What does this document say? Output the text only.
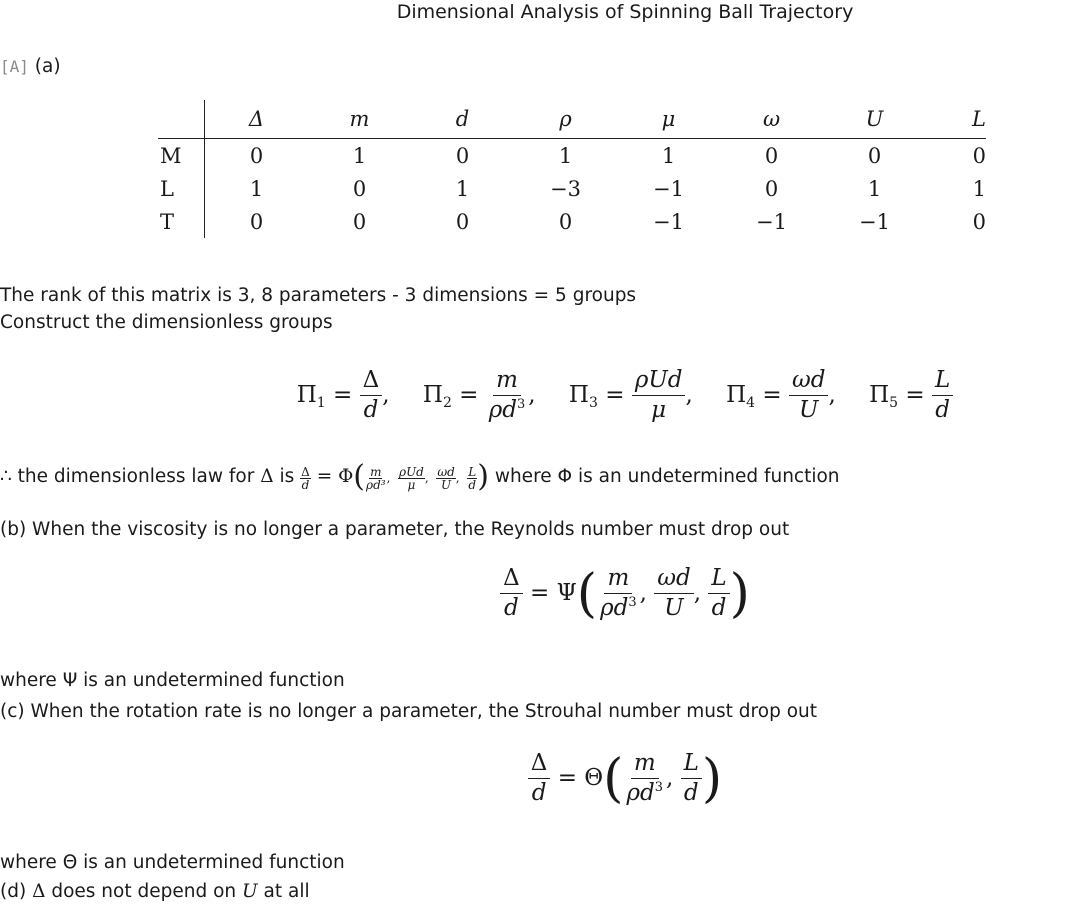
Dimensional Analysis of Spinning Ball Trajectory
[A] (a)
	Δ	m	d	ρ	μ	ω	U	L
M	0	1	0	1	1	0	0	0
L	1	0	1	−3	−1	0	1	1
T	0	0	0	0	−1	−1	−1	0
The rank of this matrix is 3, 8 parameters - 3 dimensions = 5 groups
Construct the dimensionless groups
$\Pi_1 = \frac{\Delta}{d}$ , $\Pi_2 = \frac{m}{\rho d^3}$ , $\Pi_3 = \frac{\text{ρUd}}{\mu}$ , $\Pi_4 = \frac{\omega d}{U}$ , $\Pi_5 = \frac{L}{d}$
∴ the dimensionless law for Δ is $\frac{\Delta}{d} = \Phi( \frac{m}{\text{ρd³}}$ , $\frac{\text{ρUd}}{\mu}$ , $\frac{\omega d}{U}$ , $\frac{L}{d}$ ) where Φ is an undetermined function
(b) When the viscosity is no longer a parameter, the Reynolds number must drop out
$\frac{\Delta}{d} = \Psi( \frac{m}{\rho d^3}$ , $\frac{\omega d}{U}$ , $\frac{L}{d}$ )
where Ψ is an undetermined function
(c) When the rotation rate is no longer a parameter, the Strouhal number must drop out
$\frac{\Delta}{d} = \Theta( \frac{m}{\rho d^3}$ , $\frac{L}{d}$ )
where Θ is an undetermined function
(d) Δ does not depend on U at all
